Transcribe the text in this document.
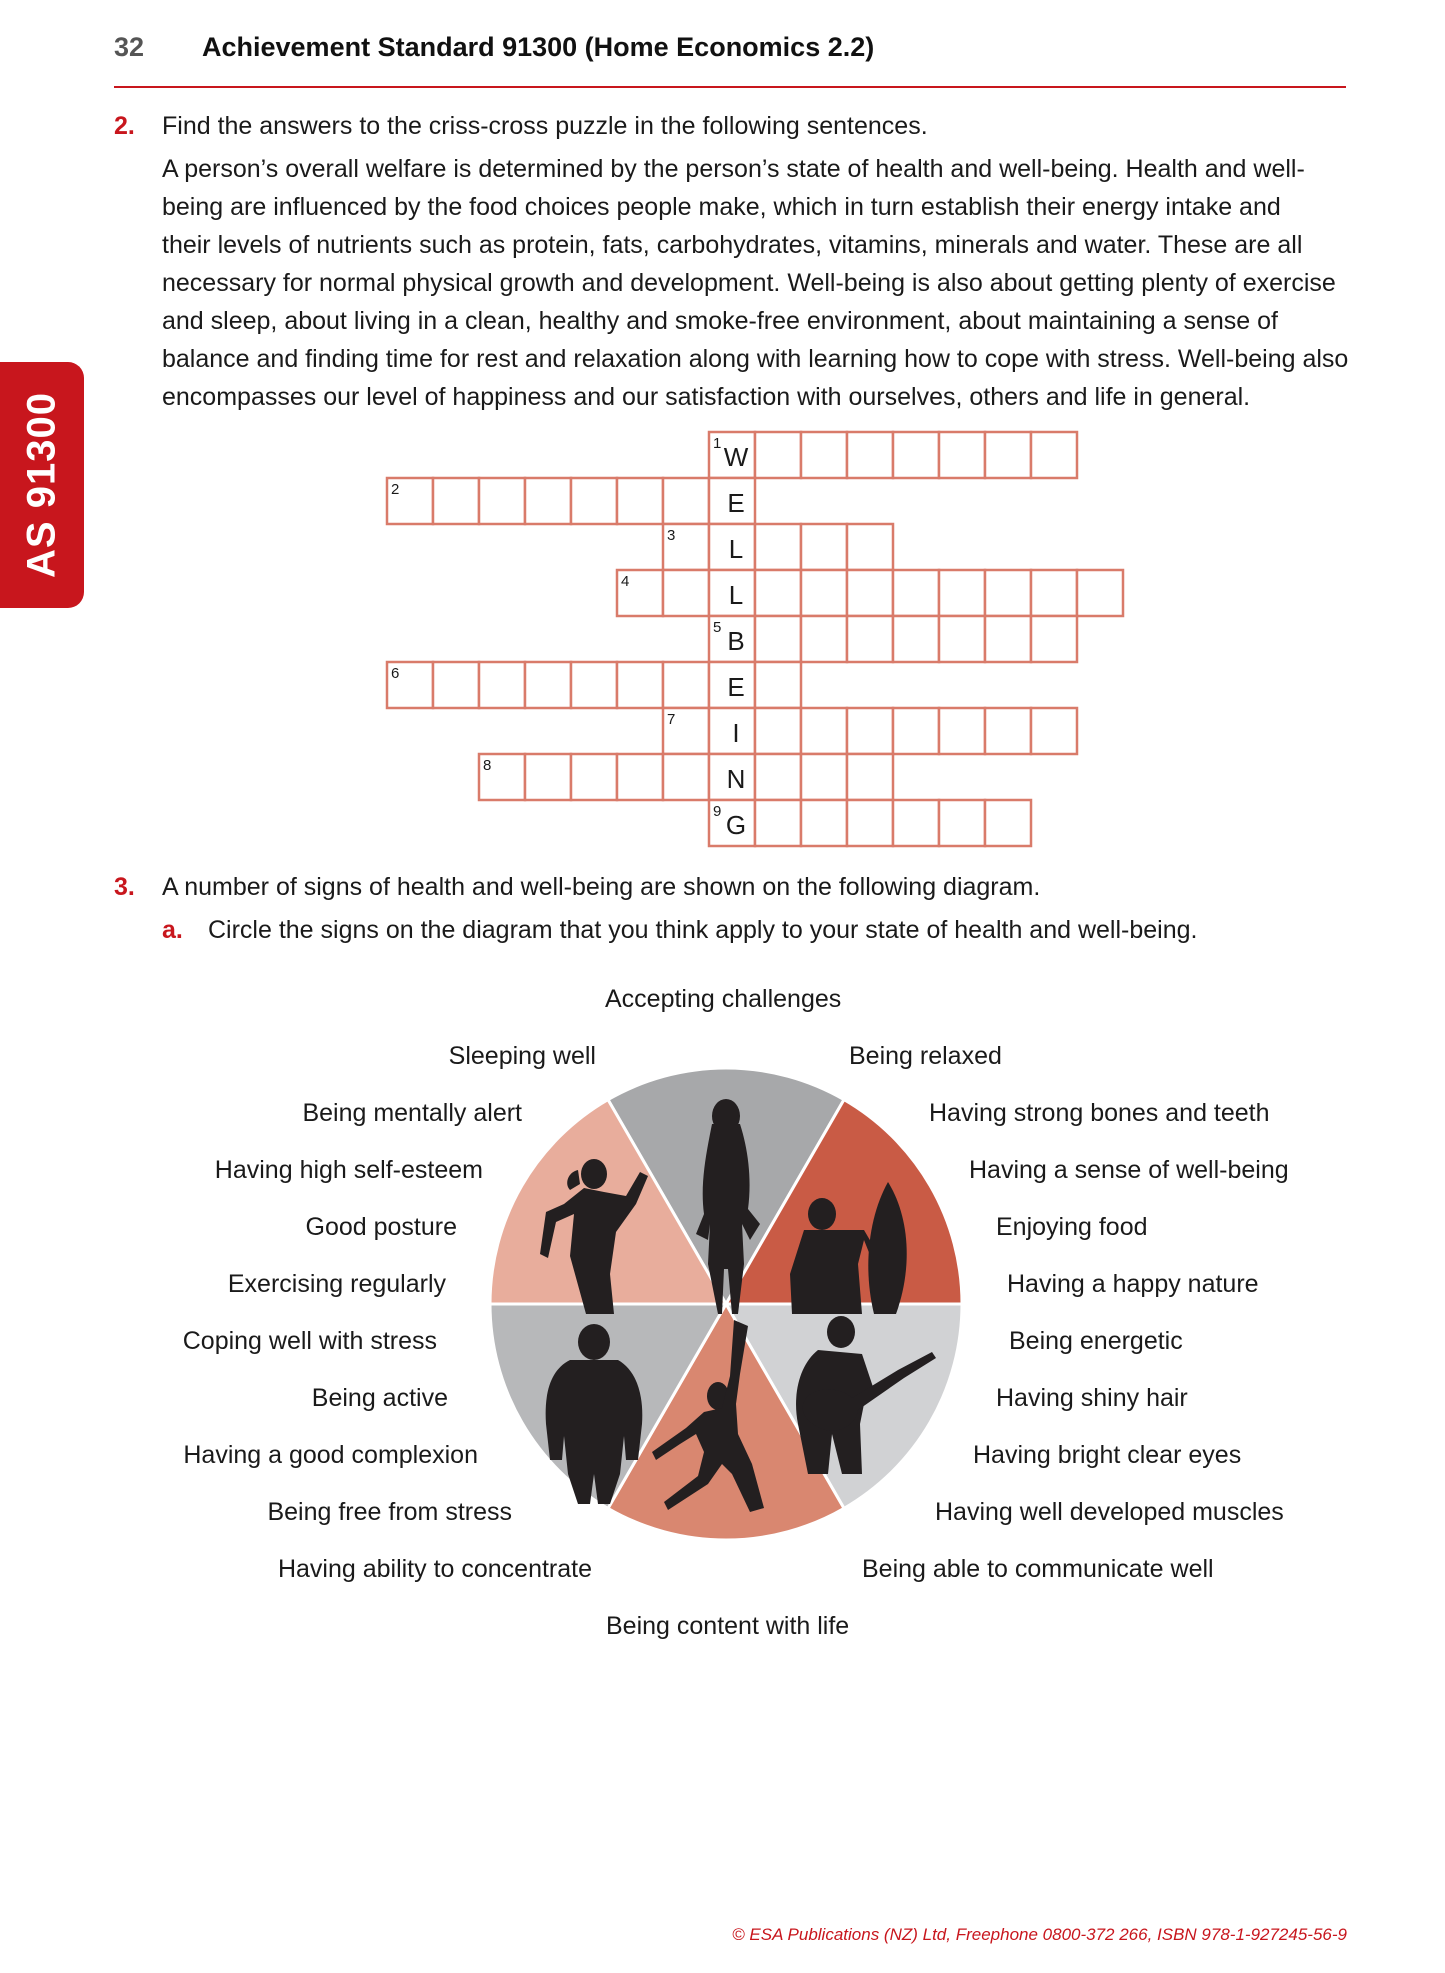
32 Achievement Standard 91300 (Home Economics 2.2)
AS 91300
2. Find the answers to the criss-cross puzzle in the following sentences.
A person’s overall welfare is determined by the person’s state of health and well-being. Health and well-
being are influenced by the food choices people make, which in turn establish their energy intake and
their levels of nutrients such as protein, fats, carbohydrates, vitamins, minerals and water. These are all
necessary for normal physical growth and development. Well-being is also about getting plenty of exercise
and sleep, about living in a clean, healthy and smoke-free environment, about maintaining a sense of
balance and finding time for rest and relaxation along with learning how to cope with stress. Well-being also
encompasses our level of happiness and our satisfaction with ourselves, others and life in general.
1 W
2	E
3 L
4	L
5 B
6	E
7 I
8	N
9 G
3. A number of signs of health and well-being are shown on the following diagram.
a. Circle the signs on the diagram that you think apply to your state of health and well-being.
Accepting challenges
Sleeping well
Being mentally alert
Having high self-esteem
Good posture
Exercising regularly
Coping well with stress
Being active
Having a good complexion
Being free from stress
Having ability to concentrate
Being relaxed
Having strong bones and teeth
Having a sense of well-being
Enjoying food
Having a happy nature
Being energetic
Having shiny hair
Having bright clear eyes
Having well developed muscles
Being able to communicate well
Being content with life
© ESA Publications (NZ) Ltd, Freephone 0800-372 266, ISBN 978-1-927245-56-9
